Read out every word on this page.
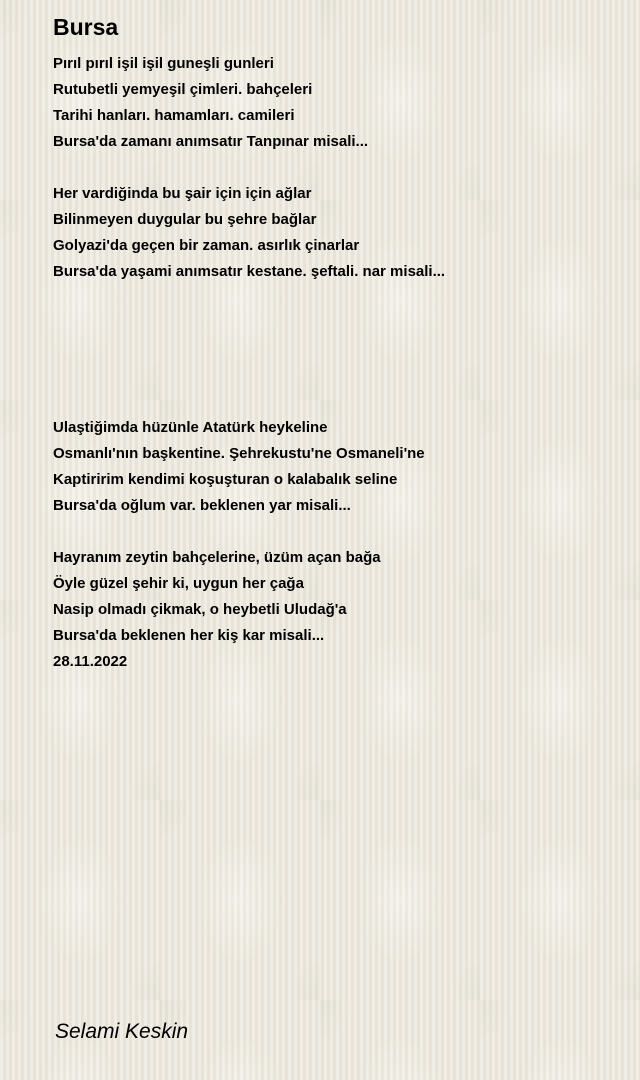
Bursa
Pırıl pırıl işil işil guneşli gunleri
Rutubetli yemyeşil çimleri. bahçeleri
Tarihi hanları. hamamları. camileri
Bursa'da zamanı anımsatır Tanpınar misali...
Her vardiğinda bu şair için için ağlar
Bilinmeyen duygular bu şehre bağlar
Golyazi'da geçen bir zaman. asırlık çinarlar
Bursa'da yaşami anımsatır kestane. şeftali. nar misali...
Ulaştiğimda hüzünle Atatürk heykeline
Osmanlı'nın başkentine. Şehrekustu'ne Osmaneli'ne
Kaptiririm kendimi koşuşturan o kalabalık seline
Bursa'da oğlum var. beklenen yar misali...
Hayranım zeytin bahçelerine, üzüm açan bağa
Öyle güzel şehir ki, uygun her çağa
Nasip olmadı çikmak, o heybetli Uludağ'a
Bursa'da beklenen her kiş kar misali...
28.11.2022
Selami Keskin
